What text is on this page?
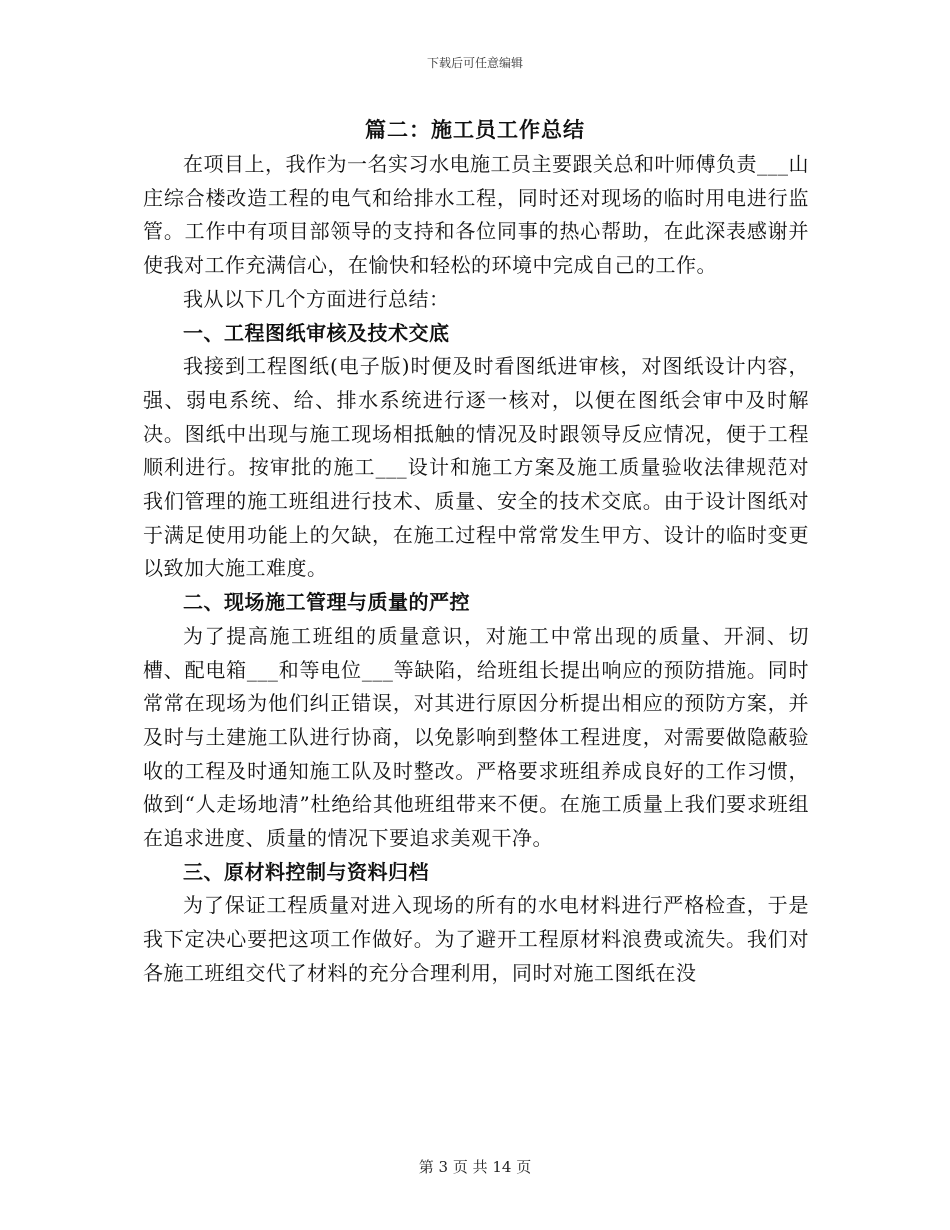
下载后可任意编辑
篇二：施工员工作总结

在项目上，我作为一名实习水电施工员主要跟关总和叶师傅负责___山庄综合楼改造工程的电气和给排水工程，同时还对现场的临时用电进行监管。工作中有项目部领导的支持和各位同事的热心帮助，在此深表感谢并使我对工作充满信心，在愉快和轻松的环境中完成自己的工作。

我从以下几个方面进行总结：

一、工程图纸审核及技术交底

我接到工程图纸(电子版)时便及时看图纸进审核，对图纸设计内容，强、弱电系统、给、排水系统进行逐一核对，以便在图纸会审中及时解决。图纸中出现与施工现场相抵触的情况及时跟领导反应情况，便于工程顺利进行。按审批的施工___设计和施工方案及施工质量验收法律规范对我们管理的施工班组进行技术、质量、安全的技术交底。由于设计图纸对于满足使用功能上的欠缺，在施工过程中常常发生甲方、设计的临时变更以致加大施工难度。

二、现场施工管理与质量的严控

为了提高施工班组的质量意识，对施工中常出现的质量、开洞、切槽、配电箱___和等电位___等缺陷，给班组长提出响应的预防措施。同时常常在现场为他们纠正错误，对其进行原因分析提出相应的预防方案，并及时与土建施工队进行协商，以免影响到整体工程进度，对需要做隐蔽验收的工程及时通知施工队及时整改。严格要求班组养成良好的工作习惯，做到“人走场地清”杜绝给其他班组带来不便。在施工质量上我们要求班组在追求进度、质量的情况下要追求美观干净。

三、原材料控制与资料归档

为了保证工程质量对进入现场的所有的水电材料进行严格检查，于是我下定决心要把这项工作做好。为了避开工程原材料浪费或流失。我们对各施工班组交代了材料的充分合理利用，同时对施工图纸在没

第 3 页 共 14 页
